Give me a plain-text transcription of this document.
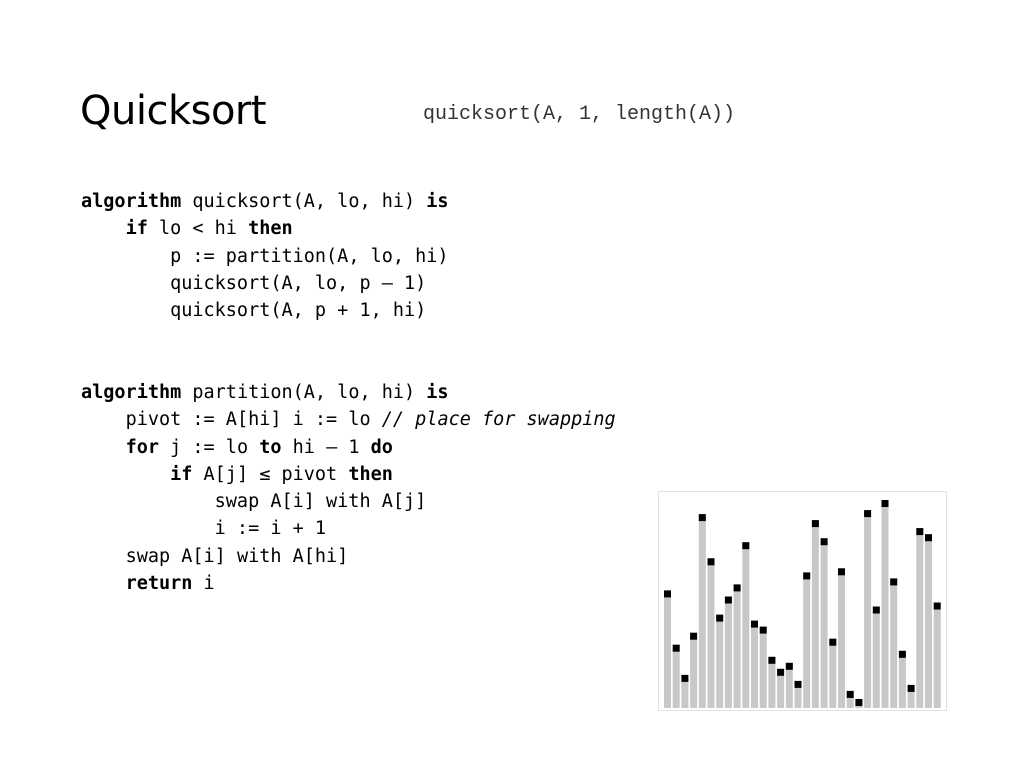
Quicksort	quicksort(A, 1, length(A))
algorithm quicksort(A, lo, hi) is
if lo < hi then
p := partition(A, lo, hi)
quicksort(A, lo, p – 1)
quicksort(A, p + 1, hi)
algorithm partition(A, lo, hi) is
pivot := A[hi] i := lo // place for swapping
for j := lo to hi – 1 do
if A[j] ≤ pivot then
swap A[i] with A[j]
i := i + 1
swap A[i] with A[hi]
return i
